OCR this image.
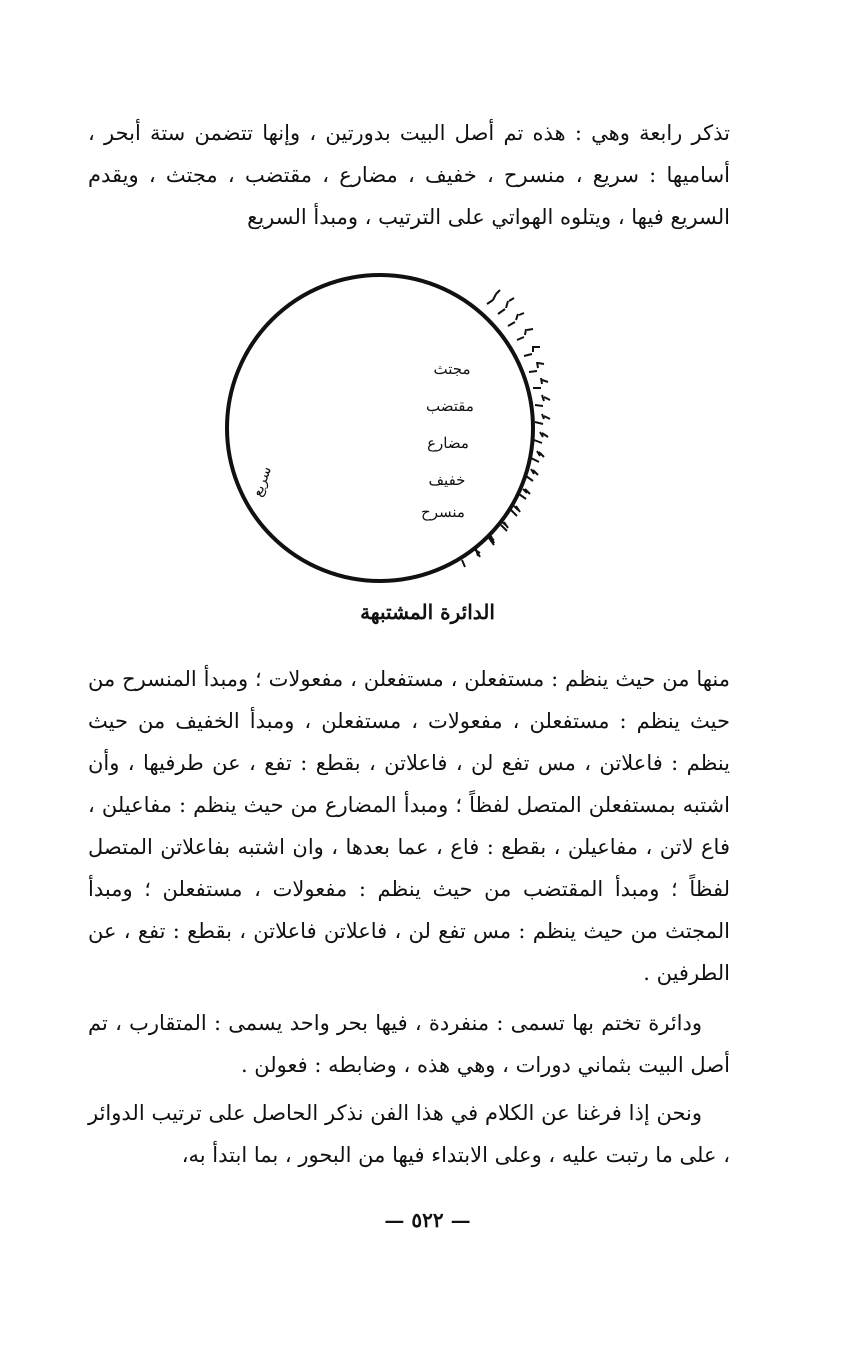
تذكر رابعة وهي : هذه تم أصل البيت بدورتين ، وإنها تتضمن ستة أبحر ، أساميها : سريع ، منسرح ، خفيف ، مضارع ، مقتضب ، مجتث ، ويقدم السريع فيها ، ويتلوه الهواتي على الترتيب ، ومبدأ السريع

مجتث
مقتضب
مضارع
خفيف
منسرح
سريع
الدائرة المشتبهة

منها من حيث ينظم : مستفعلن ، مستفعلن ، مفعولات ؛ ومبدأ المنسرح من حيث ينظم : مستفعلن ، مفعولات ، مستفعلن ، ومبدأ الخفيف من حيث ينظم : فاعلاتن ، مس تفع لن ، فاعلاتن ، بقطع : تفع ، عن طرفيها ، وأن اشتبه بمستفعلن المتصل لفظاً ؛ ومبدأ المضارع من حيث ينظم : مفاعيلن ، فاع لاتن ، مفاعيلن ، بقطع : فاع ، عما بعدها ، وان اشتبه بفاعلاتن المتصل لفظاً ؛ ومبدأ المقتضب من حيث ينظم : مفعولات ، مستفعلن ؛ ومبدأ المجتث من حيث ينظم : مس تفع لن ، فاعلاتن فاعلاتن ، بقطع : تفع ، عن الطرفين .

ودائرة تختم بها تسمى : منفردة ، فيها بحر واحد يسمى : المتقارب ، تم أصل البيت بثماني دورات ، وهي هذه ، وضابطه : فعولن .

ونحن إذا فرغنا عن الكلام في هذا الفن نذكر الحاصل على ترتيب الدوائر ، على ما رتبت عليه ، وعلى الابتداء فيها من البحور ، بما ابتدأ به،

— ٥٢٢ —
